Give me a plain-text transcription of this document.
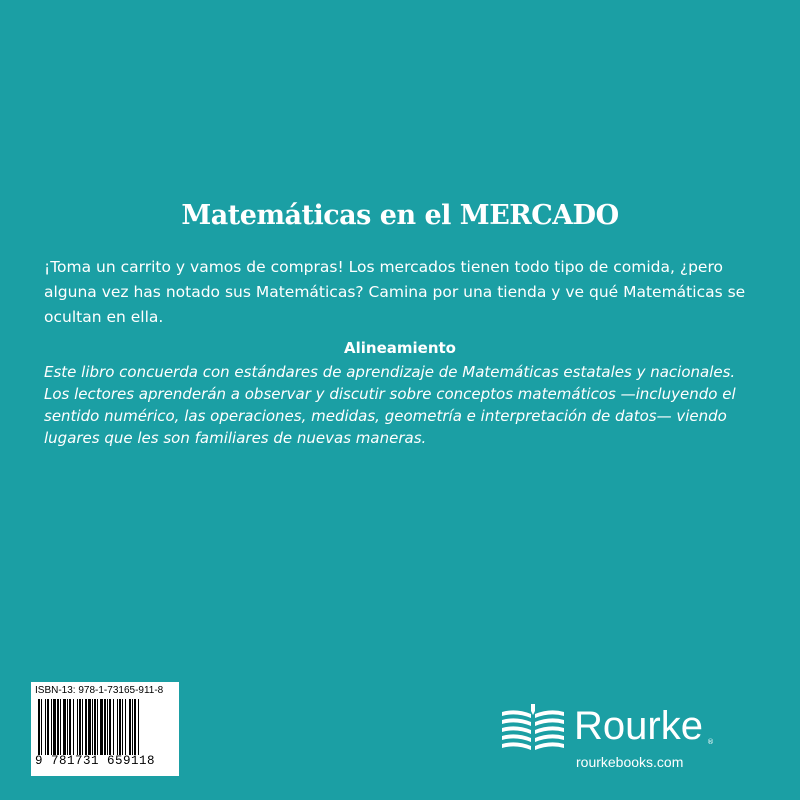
Matemáticas en el MERCADO
¡Toma un carrito y vamos de compras! Los mercados tienen todo tipo de comida, ¿pero alguna vez has notado sus Matemáticas? Camina por una tienda y ve qué Matemáticas se ocultan en ella.
Alineamiento
Este libro concuerda con estándares de aprendizaje de Matemáticas estatales y nacionales. Los lectores aprenderán a observar y discutir sobre conceptos matemáticos —incluyendo el sentido numérico, las operaciones, medidas, geometría e interpretación de datos— viendo lugares que les son familiares de nuevas maneras.
ISBN-13: 978-1-73165-911-8
9 781731 659118
Rourke ®
rourkebooks.com
